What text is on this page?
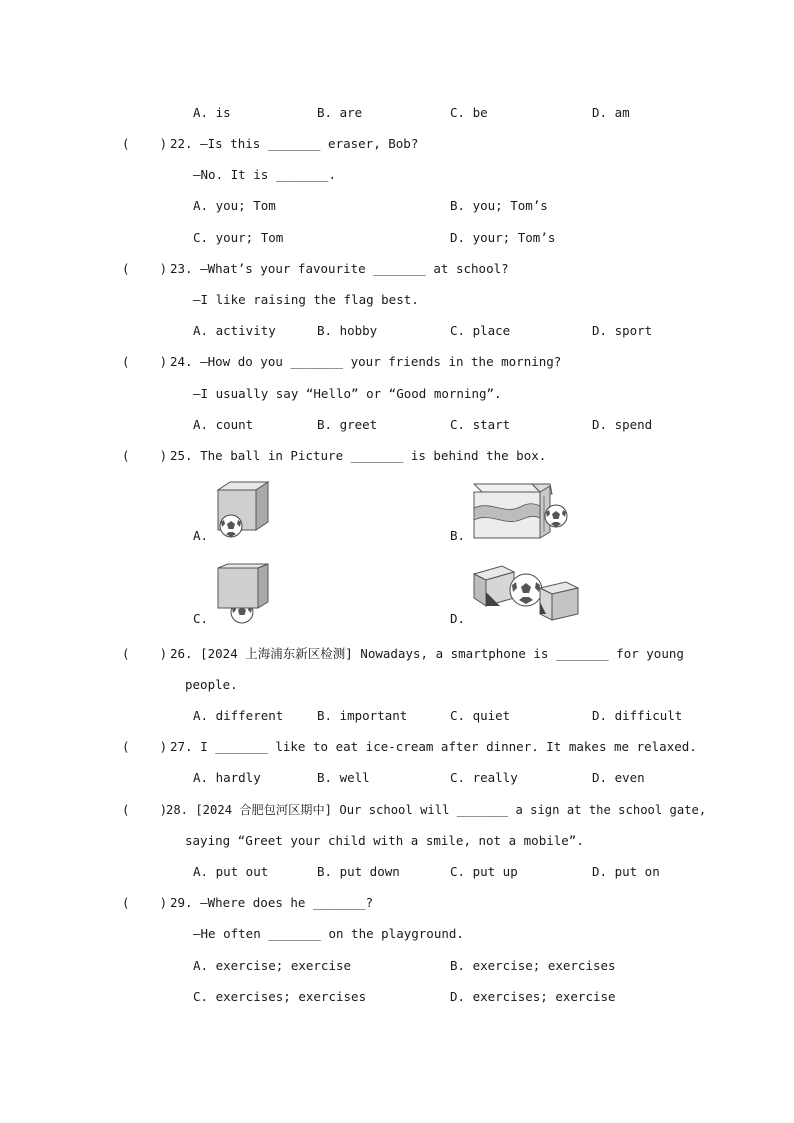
A. is	B. are	C. be	D. am
(    ) 22. —Is this _______ eraser, Bob?
—No. It is _______.
A. you; Tom	B. you; Tom’s
C. your; Tom	D. your; Tom’s
(    ) 23. —What’s your favourite _______ at school?
—I like raising the flag best.
A. activity	B. hobby	C. place	D. sport
(    ) 24. —How do you _______ your friends in the morning?
—I usually say “Hello” or “Good morning”.
A. count	B. greet	C. start	D. spend
(    ) 25. The ball in Picture _______ is behind the box.
A.	B.
C.	D.
(    ) 26. [2024 上海浦东新区检测] Nowadays, a smartphone is _______ for young
people.
A. different	B. important	C. quiet	D. difficult
(    ) 27. I _______ like to eat ice-cream after dinner. It makes me relaxed.
A. hardly	B. well	C. really	D. even
(    )
28. [2024 合肥包河区期中] Our school will _______ a sign at the school gate,
saying “Greet your child with a smile, not a mobile”.
A. put out	B. put down	C. put up	D. put on
(    ) 29. —Where does he _______?
—He often _______ on the playground.
A. exercise; exercise	B. exercise; exercises
C. exercises; exercises	D. exercises; exercise
